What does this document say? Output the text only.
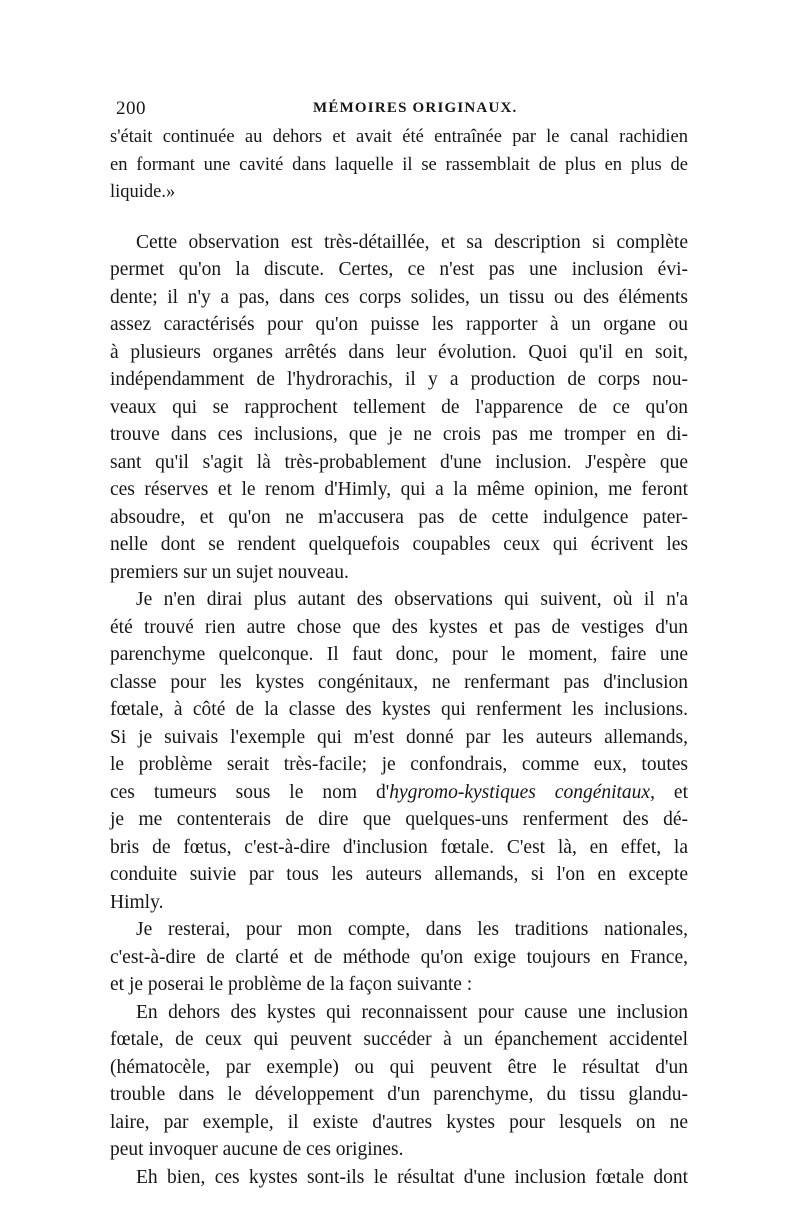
200	MÉMOIRES ORIGINAUX.
s'était continuée au dehors et avait été entraînée par le canal rachidien
en formant une cavité dans laquelle il se rassemblait de plus en plus de
liquide.»
Cette observation est très-détaillée, et sa description si complète
permet qu'on la discute. Certes, ce n'est pas une inclusion évi-
dente; il n'y a pas, dans ces corps solides, un tissu ou des éléments
assez caractérisés pour qu'on puisse les rapporter à un organe ou
à plusieurs organes arrêtés dans leur évolution. Quoi qu'il en soit,
indépendamment de l'hydrorachis, il y a production de corps nou-
veaux qui se rapprochent tellement de l'apparence de ce qu'on
trouve dans ces inclusions, que je ne crois pas me tromper en di-
sant qu'il s'agit là très-probablement d'une inclusion. J'espère que
ces réserves et le renom d'Himly, qui a la même opinion, me feront
absoudre, et qu'on ne m'accusera pas de cette indulgence pater-
nelle dont se rendent quelquefois coupables ceux qui écrivent les
premiers sur un sujet nouveau.
Je n'en dirai plus autant des observations qui suivent, où il n'a
été trouvé rien autre chose que des kystes et pas de vestiges d'un
parenchyme quelconque. Il faut donc, pour le moment, faire une
classe pour les kystes congénitaux, ne renfermant pas d'inclusion
fœtale, à côté de la classe des kystes qui renferment les inclusions.
Si je suivais l'exemple qui m'est donné par les auteurs allemands,
le problème serait très-facile; je confondrais, comme eux, toutes
ces tumeurs sous le nom d'hygromo-kystiques congénitaux, et
je me contenterais de dire que quelques-uns renferment des dé-
bris de fœtus, c'est-à-dire d'inclusion fœtale. C'est là, en effet, la
conduite suivie par tous les auteurs allemands, si l'on en excepte
Himly.
Je resterai, pour mon compte, dans les traditions nationales,
c'est-à-dire de clarté et de méthode qu'on exige toujours en France,
et je poserai le problème de la façon suivante :
En dehors des kystes qui reconnaissent pour cause une inclusion
fœtale, de ceux qui peuvent succéder à un épanchement accidentel
(hématocèle, par exemple) ou qui peuvent être le résultat d'un
trouble dans le développement d'un parenchyme, du tissu glandu-
laire, par exemple, il existe d'autres kystes pour lesquels on ne
peut invoquer aucune de ces origines.
Eh bien, ces kystes sont-ils le résultat d'une inclusion fœtale dont
